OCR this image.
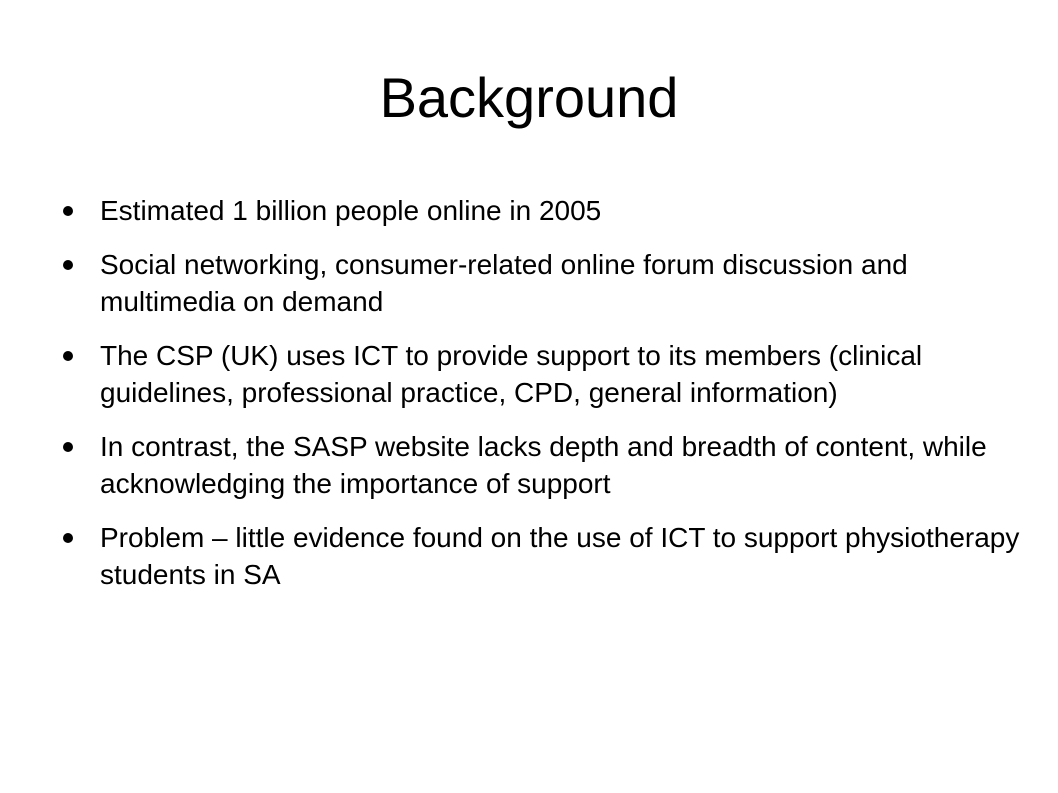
Background
Estimated 1 billion people online in 2005
Social networking, consumer-related online forum discussion and multimedia on demand
The CSP (UK) uses ICT to provide support to its members (clinical guidelines, professional practice, CPD, general information)
In contrast, the SASP website lacks depth and breadth of content, while acknowledging the importance of support
Problem – little evidence found on the use of ICT to support physiotherapy students in SA
